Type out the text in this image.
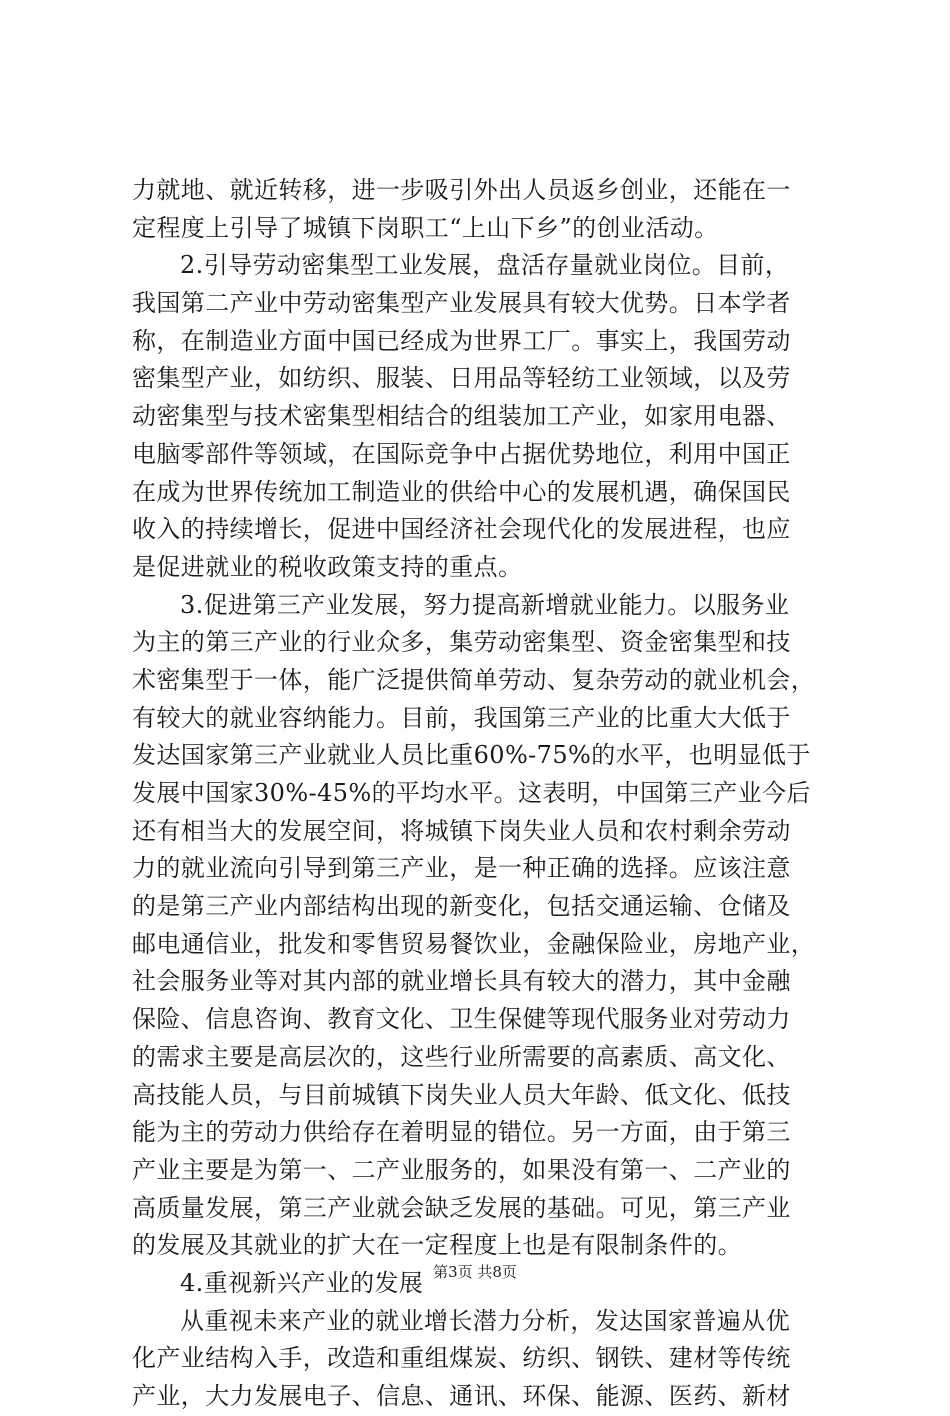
力就地、就近转移，进一步吸引外出人员返乡创业，还能在一
定程度上引导了城镇下岗职工“上山下乡”的创业活动。
2.引导劳动密集型工业发展，盘活存量就业岗位。目前，
我国第二产业中劳动密集型产业发展具有较大优势。日本学者
称，在制造业方面中国已经成为世界工厂。事实上，我国劳动
密集型产业，如纺织、服装、日用品等轻纺工业领域，以及劳
动密集型与技术密集型相结合的组装加工产业，如家用电器、
电脑零部件等领域，在国际竞争中占据优势地位，利用中国正
在成为世界传统加工制造业的供给中心的发展机遇，确保国民
收入的持续增长，促进中国经济社会现代化的发展进程，也应
是促进就业的税收政策支持的重点。
3.促进第三产业发展，努力提高新增就业能力。以服务业
为主的第三产业的行业众多，集劳动密集型、资金密集型和技
术密集型于一体，能广泛提供简单劳动、复杂劳动的就业机会，
有较大的就业容纳能力。目前，我国第三产业的比重大大低于
发达国家第三产业就业人员比重60%-75%的水平，也明显低于
发展中国家30%-45%的平均水平。这表明，中国第三产业今后
还有相当大的发展空间，将城镇下岗失业人员和农村剩余劳动
力的就业流向引导到第三产业，是一种正确的选择。应该注意
的是第三产业内部结构出现的新变化，包括交通运输、仓储及
邮电通信业，批发和零售贸易餐饮业，金融保险业，房地产业，
社会服务业等对其内部的就业增长具有较大的潜力，其中金融
保险、信息咨询、教育文化、卫生保健等现代服务业对劳动力
的需求主要是高层次的，这些行业所需要的高素质、高文化、
高技能人员，与目前城镇下岗失业人员大年龄、低文化、低技
能为主的劳动力供给存在着明显的错位。另一方面，由于第三
产业主要是为第一、二产业服务的，如果没有第一、二产业的
高质量发展，第三产业就会缺乏发展的基础。可见，第三产业
的发展及其就业的扩大在一定程度上也是有限制条件的。
4.重视新兴产业的发展
从重视未来产业的就业增长潜力分析，发达国家普遍从优
化产业结构入手，改造和重组煤炭、纺织、钢铁、建材等传统
产业，大力发展电子、信息、通讯、环保、能源、医药、新材
第3页 共8页
